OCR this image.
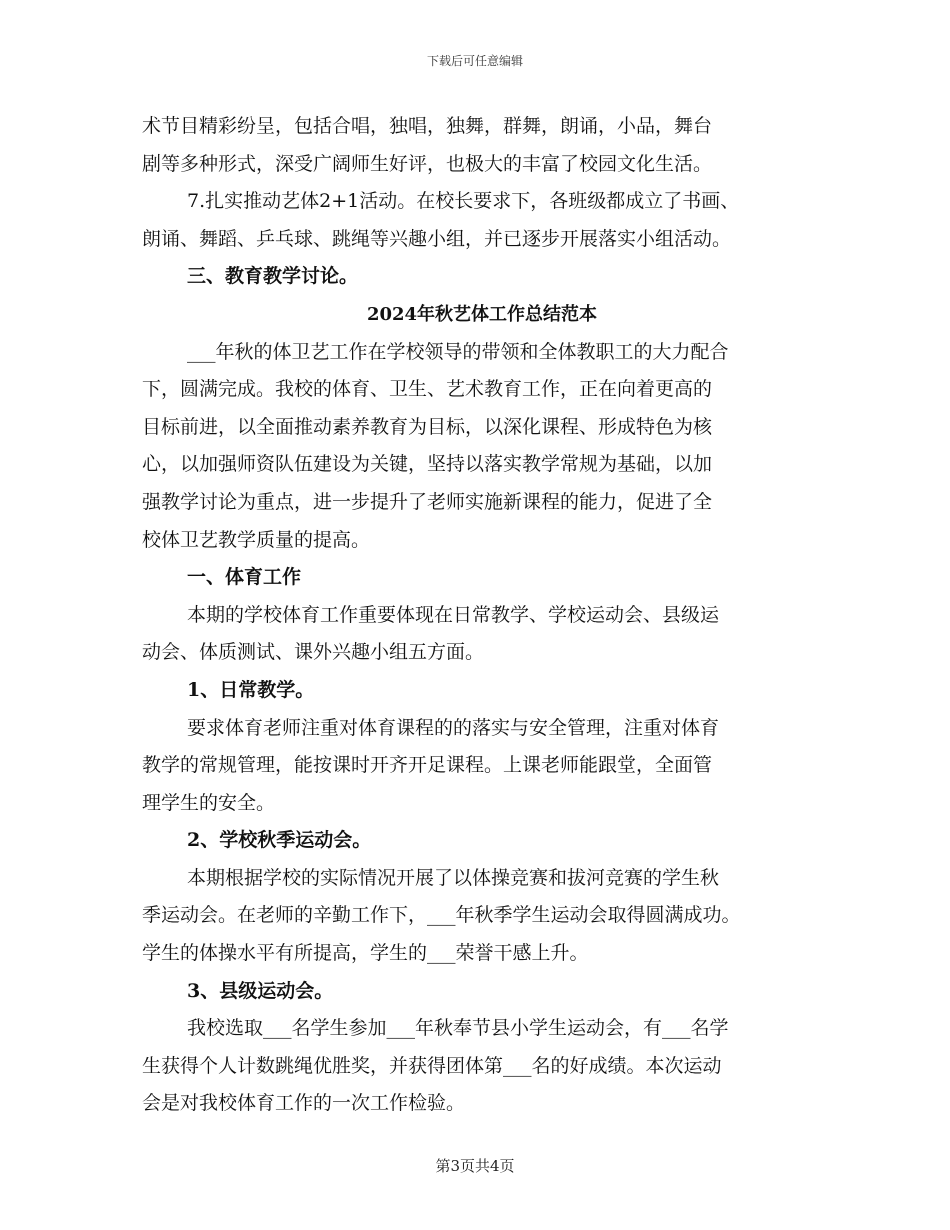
下载后可任意编辑
术节目精彩纷呈，包括合唱，独唱，独舞，群舞，朗诵，小品，舞台
剧等多种形式，深受广阔师生好评，也极大的丰富了校园文化生活。
7.扎实推动艺体2+1活动。在校长要求下，各班级都成立了书画、
朗诵、舞蹈、乒乓球、跳绳等兴趣小组，并已逐步开展落实小组活动。
三、教育教学讨论。
2024年秋艺体工作总结范本
___年秋的体卫艺工作在学校领导的带领和全体教职工的大力配合
下，圆满完成。我校的体育、卫生、艺术教育工作，正在向着更高的
目标前进，以全面推动素养教育为目标，以深化课程、形成特色为核
心，以加强师资队伍建设为关键，坚持以落实教学常规为基础，以加
强教学讨论为重点，进一步提升了老师实施新课程的能力，促进了全
校体卫艺教学质量的提高。
一、体育工作
本期的学校体育工作重要体现在日常教学、学校运动会、县级运
动会、体质测试、课外兴趣小组五方面。
1、日常教学。
要求体育老师注重对体育课程的的落实与安全管理，注重对体育
教学的常规管理，能按课时开齐开足课程。上课老师能跟堂，全面管
理学生的安全。
2、学校秋季运动会。
本期根据学校的实际情况开展了以体操竞赛和拔河竞赛的学生秋
季运动会。在老师的辛勤工作下，___年秋季学生运动会取得圆满成功。
学生的体操水平有所提高，学生的___荣誉干感上升。
3、县级运动会。
我校选取___名学生参加___年秋奉节县小学生运动会，有___名学
生获得个人计数跳绳优胜奖，并获得团体第___名的好成绩。本次运动
会是对我校体育工作的一次工作检验。
第3页共4页
